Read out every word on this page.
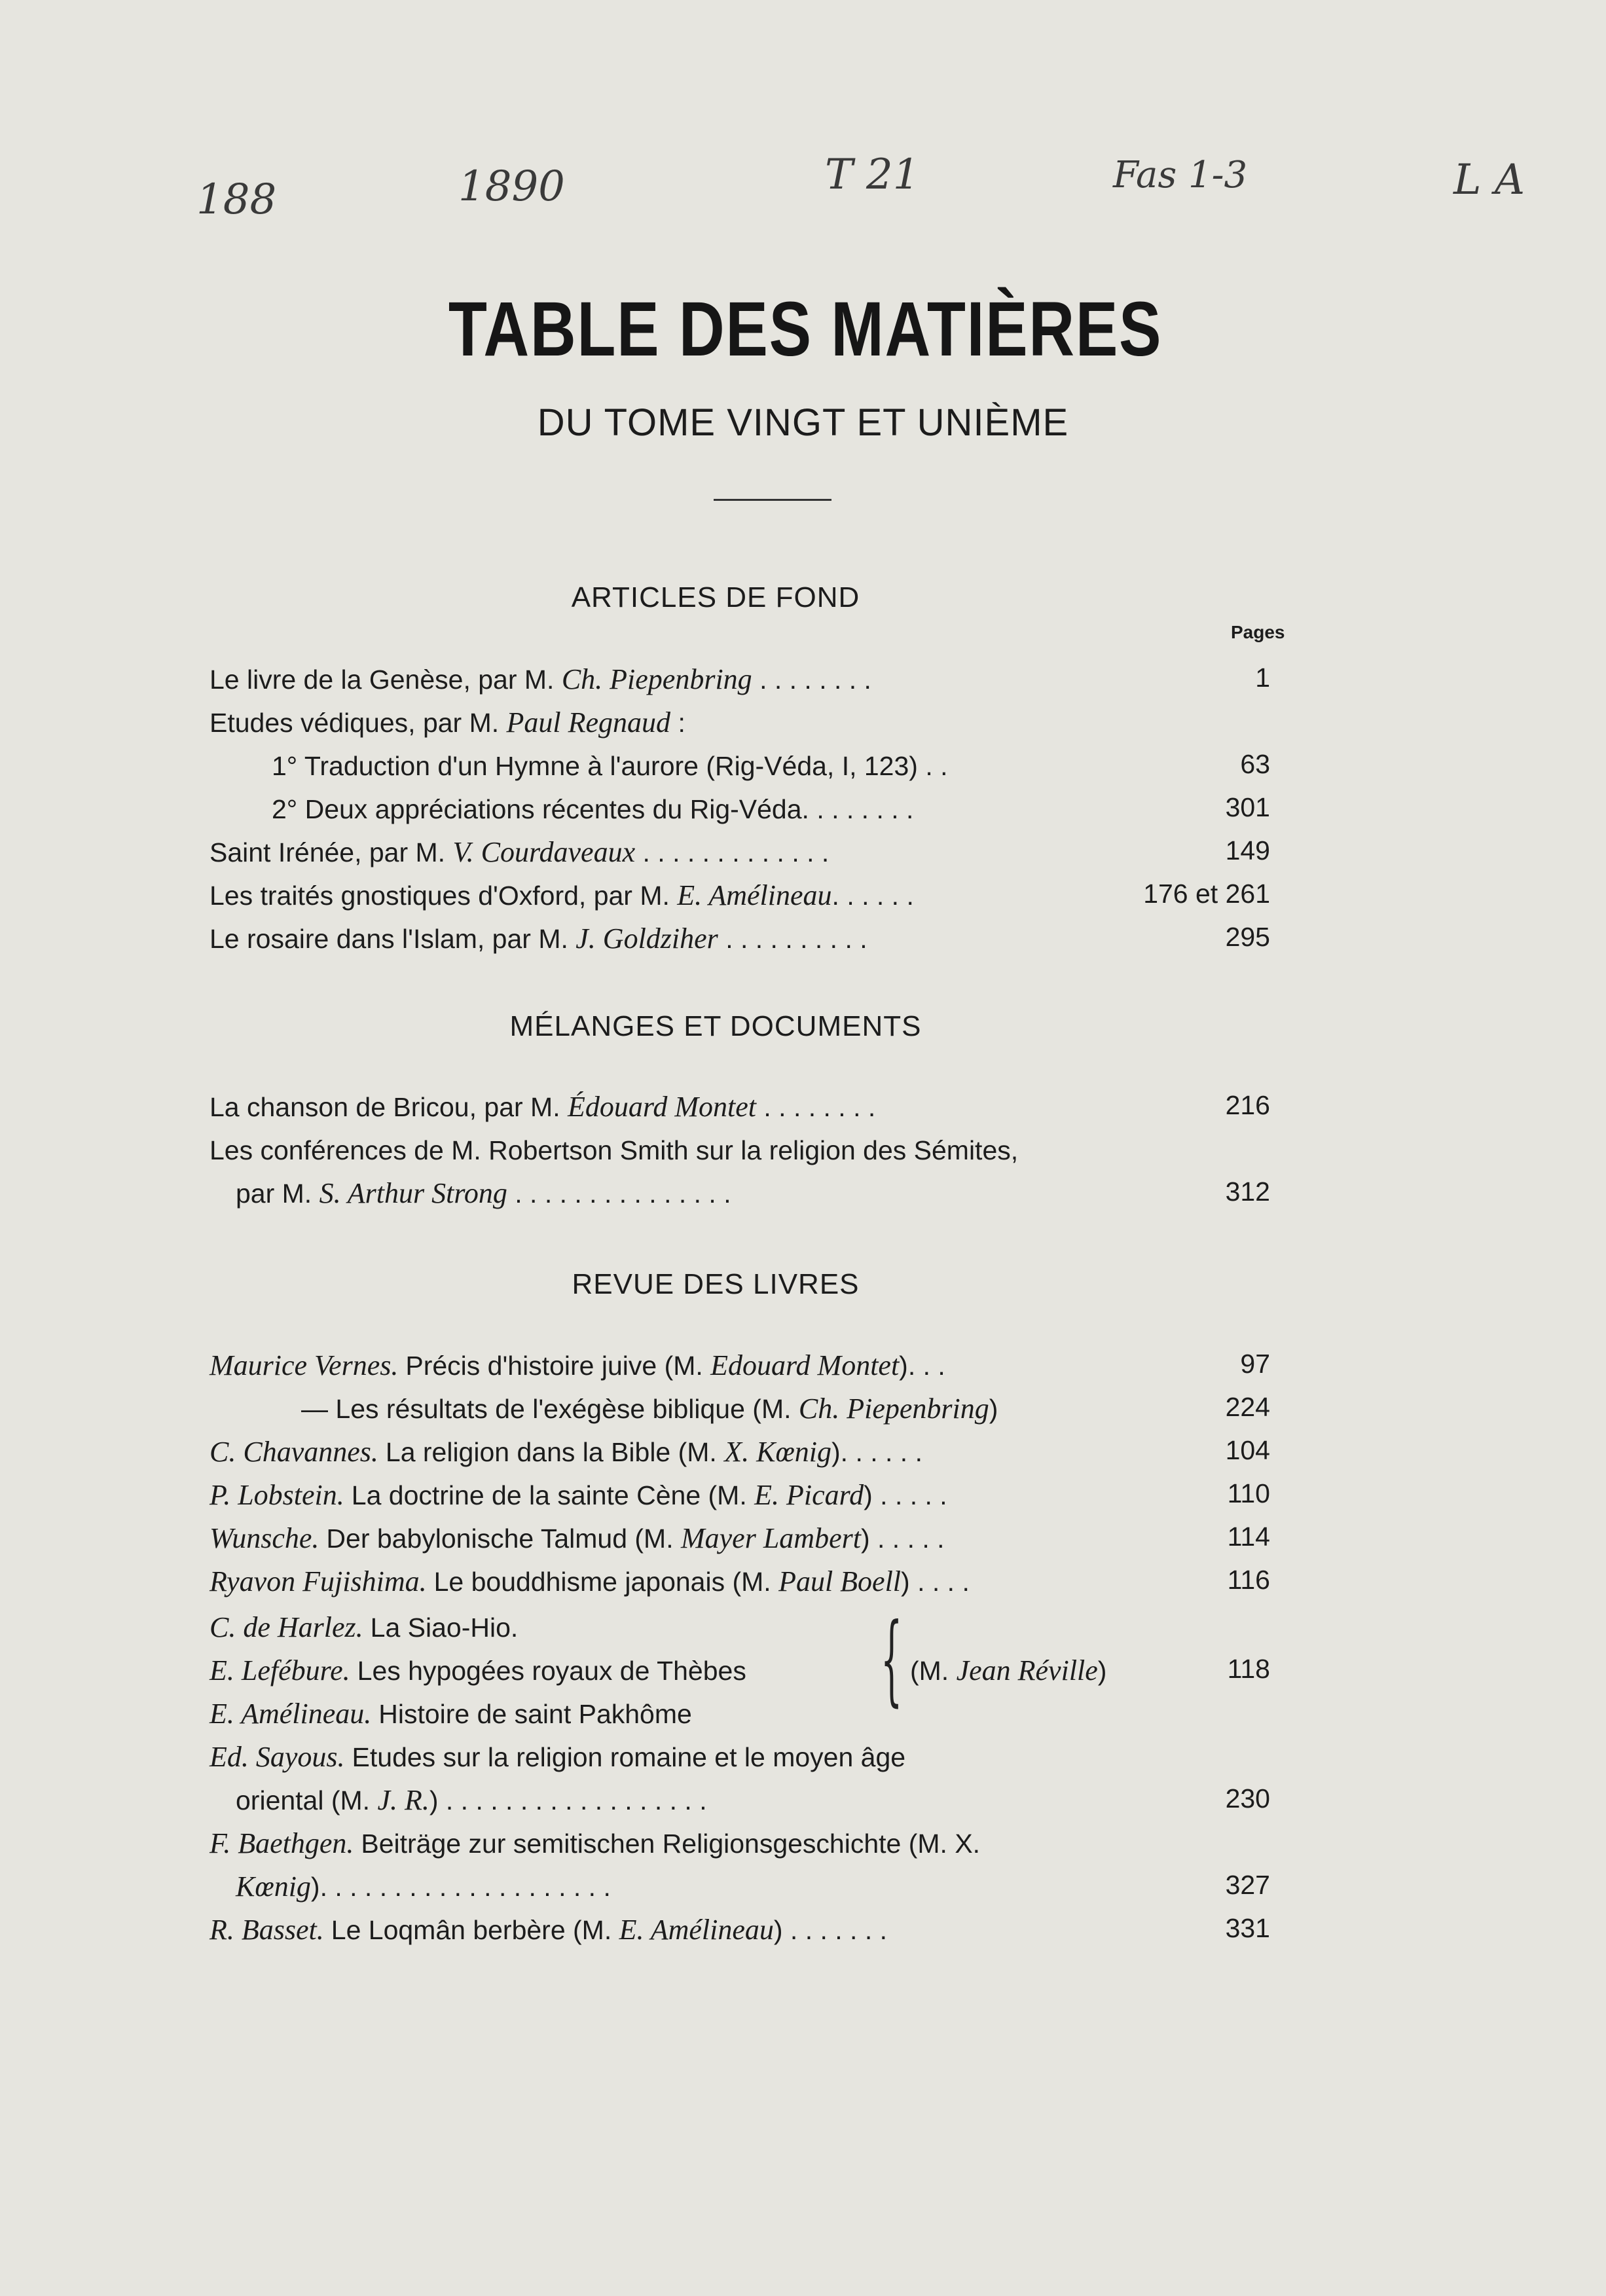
188	1890	T 21	Fas 1-3	L A
TABLE DES MATIÈRES
DU TOME VINGT ET UNIÈME
ARTICLES DE FOND
Pages
Le livre de la Genèse, par M. Ch. Piepenbring . . . . . . . .	1
Etudes védiques, par M. Paul Regnaud :
1° Traduction d'un Hymne à l'aurore (Rig-Véda, I, 123) . .	63
2° Deux appréciations récentes du Rig-Véda. . . . . . . .	301
Saint Irénée, par M. V. Courdaveaux . . . . . . . . . . . . .	149
Les traités gnostiques d'Oxford, par M. E. Amélineau. . . . . .	176 et 261
Le rosaire dans l'Islam, par M. J. Goldziher . . . . . . . . . .	295
MÉLANGES ET DOCUMENTS
La chanson de Bricou, par M. Édouard Montet . . . . . . . .	216
Les conférences de M. Robertson Smith sur la religion des Sémites,
par M. S. Arthur Strong . . . . . . . . . . . . . . .	312
REVUE DES LIVRES
Maurice Vernes. Précis d'histoire juive (M. Edouard Montet). . .	97
— Les résultats de l'exégèse biblique (M. Ch. Piepenbring)	224
C. Chavannes. La religion dans la Bible (M. X. Kœnig). . . . . .	104
P. Lobstein. La doctrine de la sainte Cène (M. E. Picard) . . . . .	110
Wunsche. Der babylonische Talmud (M. Mayer Lambert) . . . . .	114
Ryavon Fujishima. Le bouddhisme japonais (M. Paul Boell) . . . .	116
C. de Harlez. La Siao-Hio.
E. Lefébure. Les hypogées royaux de Thèbes
E. Amélineau. Histoire de saint Pakhôme { (M. Jean Réville)	118
Ed. Sayous. Etudes sur la religion romaine et le moyen âge
oriental (M. J. R.) . . . . . . . . . . . . . . . . . .	230
F. Baethgen. Beiträge zur semitischen Religionsgeschichte (M. X.
Kœnig). . . . . . . . . . . . . . . . . . . .	327
R. Basset. Le Loqmân berbère (M. E. Amélineau) . . . . . . .	331
